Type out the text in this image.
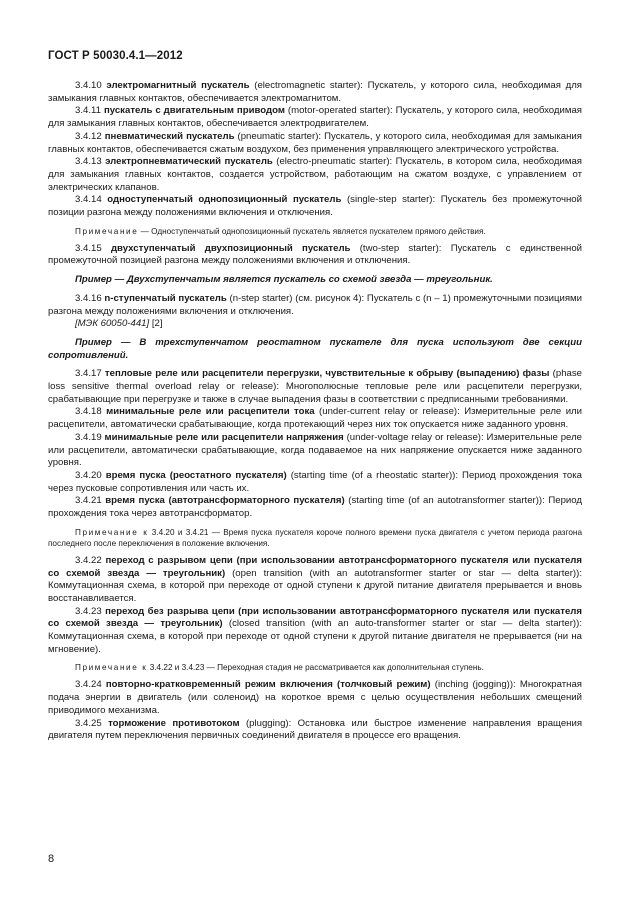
ГОСТ Р 50030.4.1—2012

3.4.10 электромагнитный пускатель (electromagnetic starter): Пускатель, у которого сила, необходимая для замыкания главных контактов, обеспечивается электромагнитом.

3.4.11 пускатель с двигательным приводом (motor-operated starter): Пускатель, у которого сила, необходимая для замыкания главных контактов, обеспечивается электродвигателем.

3.4.12 пневматический пускатель (pneumatic starter): Пускатель, у которого сила, необходимая для замыкания главных контактов, обеспечивается сжатым воздухом, без применения управляющего электрического устройства.

3.4.13 электропневматический пускатель (electro-pneumatic starter): Пускатель, в котором сила, необходимая для замыкания главных контактов, создается устройством, работающим на сжатом воздухе, с управлением от электрических клапанов.

3.4.14 одноступенчатый однопозиционный пускатель (single-step starter): Пускатель без промежуточной позиции разгона между положениями включения и отключения.

Примечание — Одноступенчатый однопозиционный пускатель является пускателем прямого действия.

3.4.15 двухступенчатый двухпозиционный пускатель (two-step starter): Пускатель с единственной промежуточной позицией разгона между положениями включения и отключения.

Пример — Двухступенчатым является пускатель со схемой звезда — треугольник.

3.4.16 n-ступенчатый пускатель (n-step starter) (см. рисунок 4): Пускатель с (n – 1) промежуточными позициями разгона между положениями включения и отключения.

[МЭК 60050-441] [2]

Пример — В трехступенчатом реостатном пускателе для пуска используют две секции сопротивлений.

3.4.17 тепловые реле или расцепители перегрузки, чувствительные к обрыву (выпадению) фазы (phase loss sensitive thermal overload relay or release): Многополюсные тепловые реле или расцепители перегрузки, срабатывающие при перегрузке и также в случае выпадения фазы в соответствии с предписанными требованиями.

3.4.18 минимальные реле или расцепители тока (under-current relay or release): Измерительные реле или расцепители, автоматически срабатывающие, когда протекающий через них ток опускается ниже заданного уровня.

3.4.19 минимальные реле или расцепители напряжения (under-voltage relay or release): Измерительные реле или расцепители, автоматически срабатывающие, когда подаваемое на них напряжение опускается ниже заданного уровня.

3.4.20 время пуска (реостатного пускателя) (starting time (of a rheostatic starter)): Период прохождения тока через пусковые сопротивления или часть их.

3.4.21 время пуска (автотрансформаторного пускателя) (starting time (of an autotransformer starter)): Период прохождения тока через автотрансформатор.

Примечание к 3.4.20 и 3.4.21 — Время пуска пускателя короче полного времени пуска двигателя с учетом периода разгона последнего после переключения в положение включения.

3.4.22 переход с разрывом цепи (при использовании автотрансформаторного пускателя или пускателя со схемой звезда — треугольник) (open transition (with an autotransformer starter or star — delta starter)): Коммутационная схема, в которой при переходе от одной ступени к другой питание двигателя прерывается и вновь восстанавливается.

3.4.23 переход без разрыва цепи (при использовании автотрансформаторного пускателя или пускателя со схемой звезда — треугольник) (closed transition (with an auto-transformer starter or star — delta starter)): Коммутационная схема, в которой при переходе от одной ступени к другой питание двигателя не прерывается (ни на мгновение).

Примечание к 3.4.22 и 3.4.23 — Переходная стадия не рассматривается как дополнительная ступень.

3.4.24 повторно-кратковременный режим включения (толчковый режим) (inching (jogging)): Многократная подача энергии в двигатель (или соленоид) на короткое время с целью осуществления небольших смещений приводимого механизма.

3.4.25 торможение противотоком (plugging): Остановка или быстрое изменение направления вращения двигателя путем переключения первичных соединений двигателя в процессе его вращения.

8
